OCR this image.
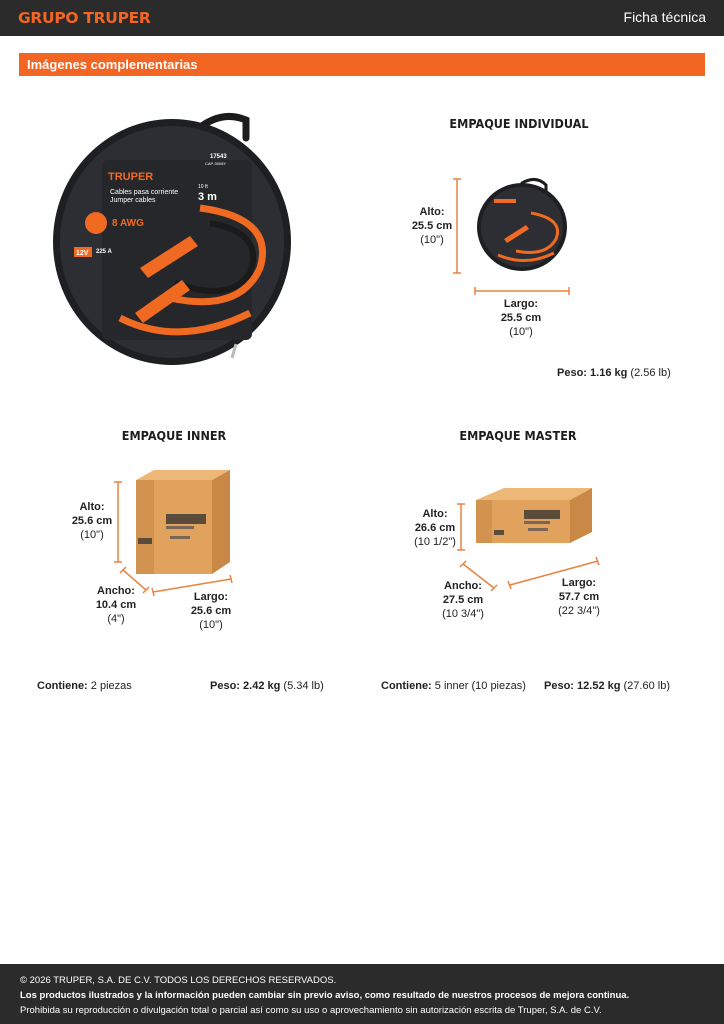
GRUPO TRUPER	Ficha técnica
Imágenes complementarias
TRUPER
17543
CAP-3008Y
Cables pasa corriente
Jumper cables
10 ft
3 m
8 AWG
12V 225 A
EMPAQUE INDIVIDUAL
Alto:
25.5 cm
(10")
Largo:
25.5 cm
(10")
Peso: 1.16 kg (2.56 lb)
EMPAQUE INNER
Alto:
25.6 cm
(10")
Ancho:
10.4 cm
(4")
Largo:
25.6 cm
(10")
Contiene: 2 piezas	Peso: 2.42 kg (5.34 lb)
EMPAQUE MASTER
Alto:
26.6 cm
(10 1/2")
Ancho:
27.5 cm
(10 3/4")
Largo:
57.7 cm
(22 3/4")
Contiene: 5 inner (10 piezas) Peso: 12.52 kg (27.60 lb)
© 2026 TRUPER, S.A. DE C.V. TODOS LOS DERECHOS RESERVADOS.
Los productos ilustrados y la información pueden cambiar sin previo aviso, como resultado de nuestros procesos de mejora continua.
Prohibida su reproducción o divulgación total o parcial así como su uso o aprovechamiento sin autorización escrita de Truper, S.A. de C.V.
